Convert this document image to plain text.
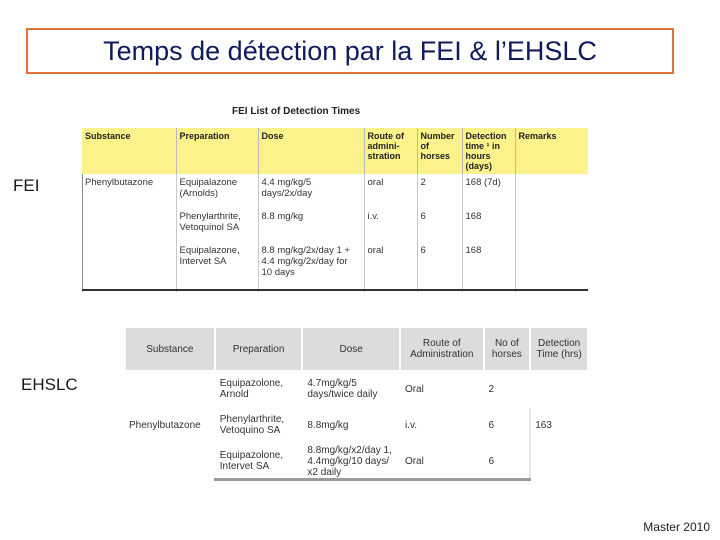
Temps de détection par la FEI & l’EHSLC
FEI
EHSLC
FEI List of Detection Times
Substance	Preparation	Dose	Route of admini-stration	Number of horses	Detection time ¹ in hours (days)	Remarks
Phenylbutazone	Equipalazone (Arnolds)	4.4 mg/kg/5 days/2x/day	oral	2	168 (7d)	
	Phenylarthrite, Vetoquinol SA	8.8 mg/kg	i.v.	6	168	
	Equipalazone, Intervet SA	8.8 mg/kg/2x/day 1 + 4.4 mg/kg/2x/day for 10 days	oral	6	168	
Substance	Preparation	Dose	Route of Administration	No of horses	Detection Time (hrs)
Phenylbutazone	Equipazolone, Arnold	4.7mg/kg/5 days/twice daily	Oral	2	163
	Phenylarthrite, Vetoquino SA	8.8mg/kg	i.v.	6	
	Equipazolone, Intervet SA	8.8mg/kg/x2/day 1, 4.4mg/kg/10 days/ x2 daily	Oral	6	
Master 2010
